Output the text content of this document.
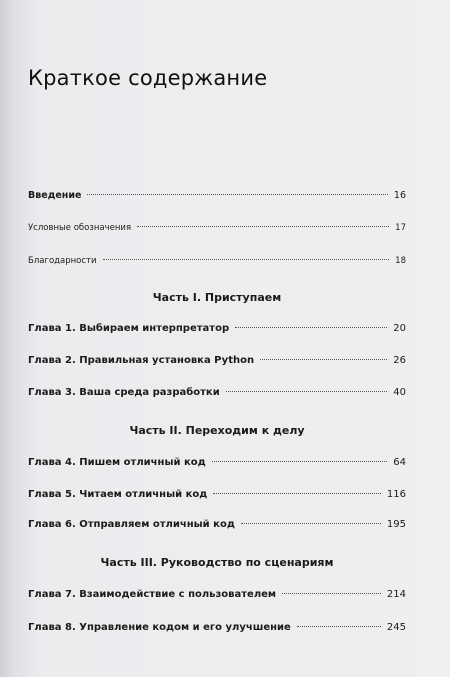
Краткое содержание
Введение	16
Условные обозначения	17
Благодарности	18
Часть I. Приступаем
Глава 1. Выбираем интерпретатор	20
Глава 2. Правильная установка Python	26
Глава 3. Ваша среда разработки	40
Часть II. Переходим к делу
Глава 4. Пишем отличный код	64
Глава 5. Читаем отличный код	116
Глава 6. Отправляем отличный код	195
Часть III. Руководство по сценариям
Глава 7. Взаимодействие с пользователем	214
Глава 8. Управление кодом и его улучшение	245
